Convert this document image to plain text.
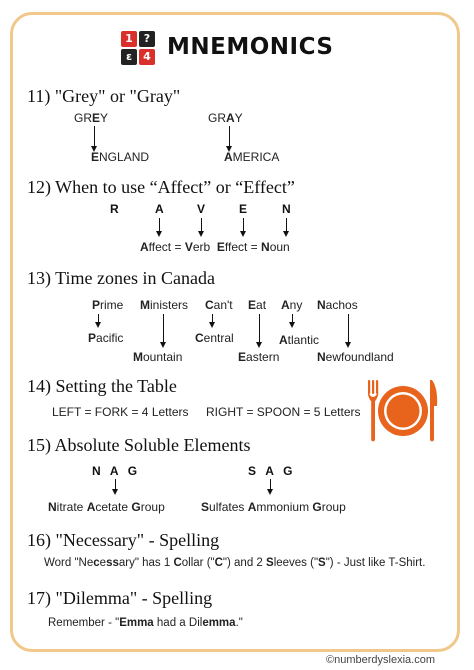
1 ?
ε	4 MNEMONICS
11) "Grey" or "Gray"
GREY
ENGLAND
GRAY
AMERICA
12) When to use “Affect” or “Effect”
R	A	V	E	N
Affect = Verb Effect = Noun
13) Time zones in Canada
Prime Ministers Can't Eat Any Nachos
Pacific
Mountain
Central
Eastern
Atlantic
Newfoundland
14) Setting the Table
LEFT = FORK = 4 Letters RIGHT = SPOON = 5 Letters
15) Absolute Soluble Elements
N  A  G	S  A  G
Nitrate Acetate Group	Sulfates Ammonium Group
16) "Necessary" - Spelling
Word "Necessary" has 1 Collar ("C") and 2 Sleeves ("S") - Just like T-Shirt.
17) "Dilemma" - Spelling
Remember - "Emma had a Dilemma."
©numberdyslexia.com
